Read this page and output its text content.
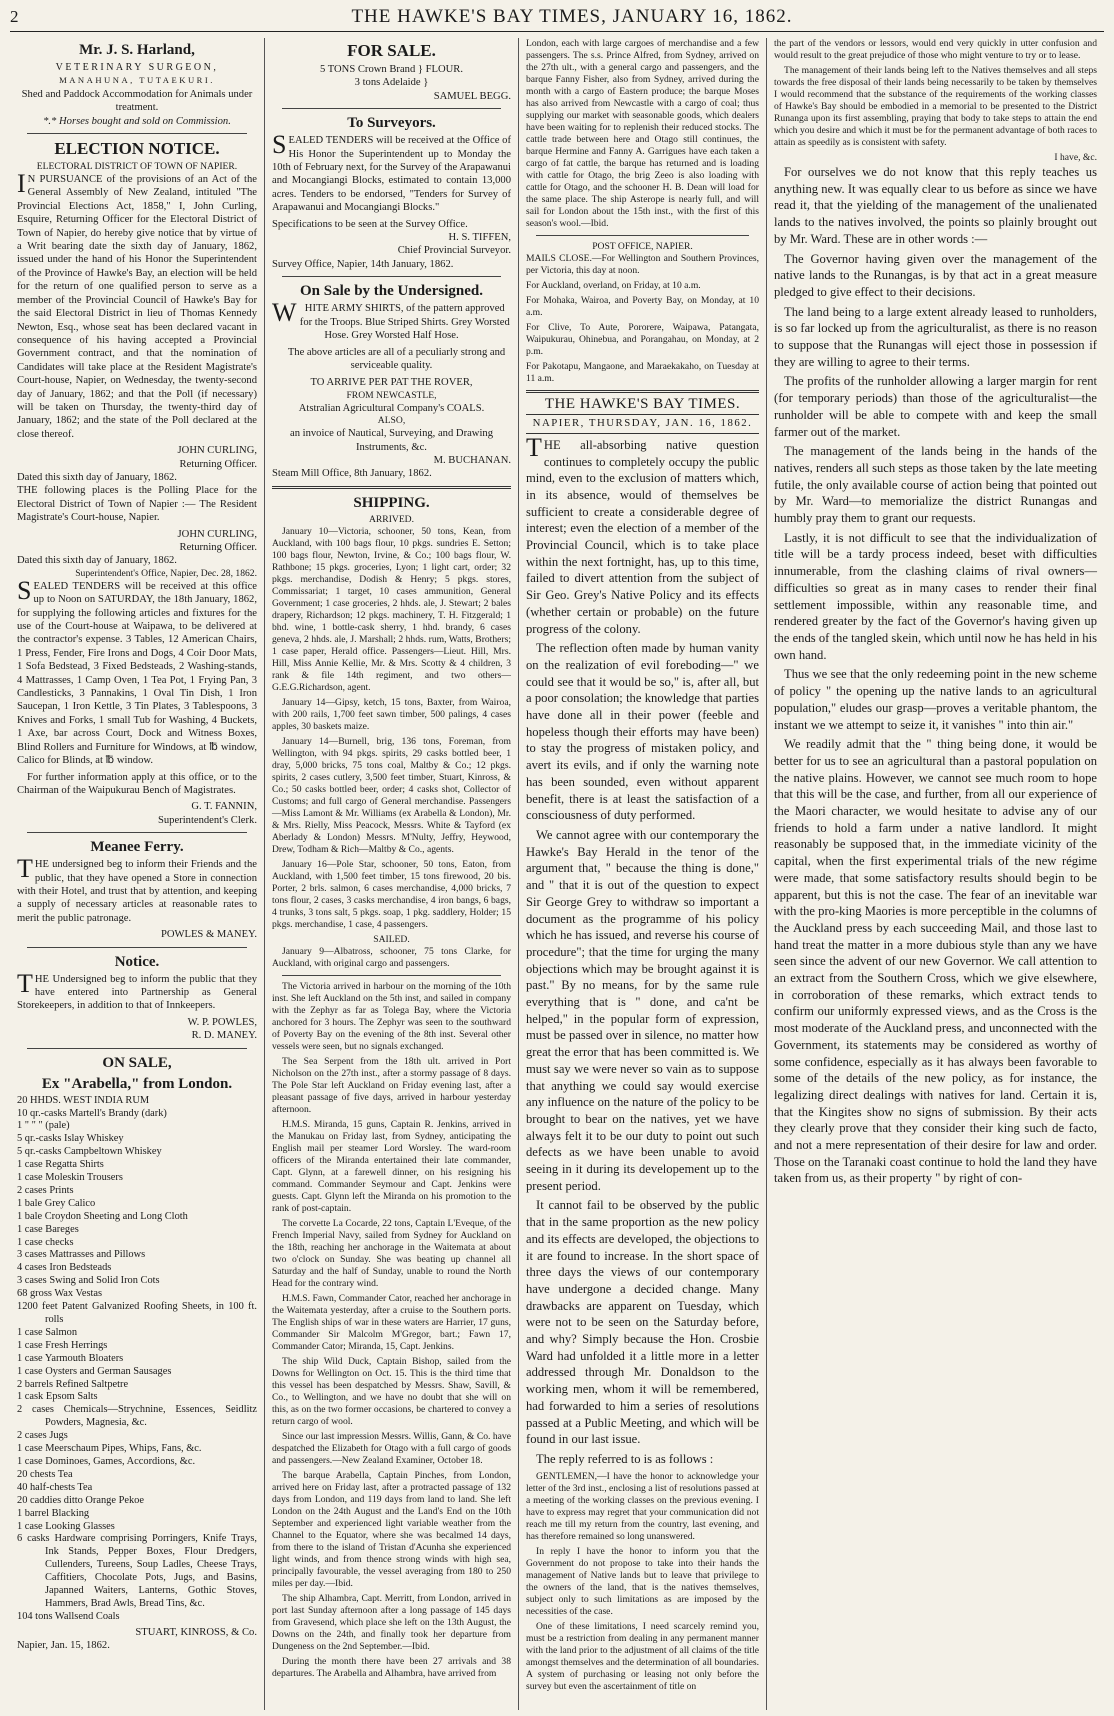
2	THE HAWKE'S BAY TIMES, JANUARY 16, 1862.
Mr. J. S. Harland,
VETERINARY SURGEON,
MANAHUNA, TUTAEKURI.
Shed and Paddock Accommodation for Animals under treatment.
*.* Horses bought and sold on Commission.
ELECTION NOTICE.
ELECTORAL DISTRICT OF TOWN OF NAPIER.

IN PURSUANCE of the provisions of an Act of the General Assembly of New Zealand, intituled "The Provincial Elections Act, 1858," I, John Curling, Esquire, Returning Officer for the Electoral District of Town of Napier, do hereby give notice that by virtue of a Writ bearing date the sixth day of January, 1862, issued under the hand of his Honor the Superintendent of the Province of Hawke's Bay, an election will be held for the return of one qualified person to serve as a member of the Provincial Council of Hawke's Bay for the said Electoral District in lieu of Thomas Kennedy Newton, Esq., whose seat has been declared vacant in consequence of his having accepted a Provincial Government contract, and that the nomination of Candidates will take place at the Resident Magistrate's Court-house, Napier, on Wednesday, the twenty-second day of January, 1862; and that the Poll (if necessary) will be taken on Thursday, the twenty-third day of January, 1862; and the state of the Poll declared at the close thereof.

JOHN CURLING,
Returning Officer.
Dated this sixth day of January, 1862.

THE following places is the Polling Place for the Electoral District of Town of Napier :— The Resident Magistrate's Court-house, Napier.

JOHN CURLING,
Returning Officer.
Dated this sixth day of January, 1862.
Superintendent's Office, Napier, Dec. 28, 1862.

SEALED TENDERS will be received at this office up to Noon on SATURDAY, the 18th January, 1862, for supplying the following articles and fixtures for the use of the Court-house at Waipawa, to be delivered at the contractor's expense. 3 Tables, 12 American Chairs, 1 Press, Fender, Fire Irons and Dogs, 4 Coir Door Mats, 1 Sofa Bedstead, 3 Fixed Bedsteads, 2 Washing-stands, 4 Mattrasses, 1 Camp Oven, 1 Tea Pot, 1 Frying Pan, 3 Candlesticks, 3 Pannakins, 1 Oval Tin Dish, 1 Iron Saucepan, 1 Iron Kettle, 3 Tin Plates, 3 Tablespoons, 3 Knives and Forks, 1 small Tub for Washing, 4 Buckets, 1 Axe, bar across Court, Dock and Witness Boxes, Blind Rollers and Furniture for Windows, at ℔ window, Calico for Blinds, at ℔ window.

For further information apply at this office, or to the Chairman of the Waipukurau Bench of Magistrates.

G. T. FANNIN,
Superintendent's Clerk.
Meanee Ferry.

THE undersigned beg to inform their Friends and the public, that they have opened a Store in connection with their Hotel, and trust that by attention, and keeping a supply of necessary articles at reasonable rates to merit the public patronage.

POWLES & MANEY.
Notice.

THE Undersigned beg to inform the public that they have entered into Partnership as General Storekeepers, in addition to that of Innkeepers.

W. P. POWLES,
R. D. MANEY.
ON SALE,
Ex "Arabella," from London.
20 HHDS. WEST INDIA RUM
10 qr.-casks Martell's Brandy (dark)
1 " " " (pale)
5 qr.-casks Islay Whiskey
5 qr.-casks Campbeltown Whiskey
1 case Regatta Shirts
1 case Moleskin Trousers
2 cases Prints
1 bale Grey Calico
1 bale Croydon Sheeting and Long Cloth
1 case Bareges
1 case checks
3 cases Mattrasses and Pillows
4 cases Iron Bedsteads
3 cases Swing and Solid Iron Cots
68 gross Wax Vestas
1200 feet Patent Galvanized Roofing Sheets, in 100 ft. rolls
1 case Salmon
1 case Fresh Herrings
1 case Yarmouth Bloaters
1 case Oysters and German Sausages
2 barrels Refined Saltpetre
1 cask Epsom Salts
2 cases Chemicals—Strychnine, Essences, Seidlitz Powders, Magnesia, &c.
2 cases Jugs
1 case Meerschaum Pipes, Whips, Fans, &c.
1 case Dominoes, Games, Accordions, &c.
20 chests Tea
40 half-chests Tea
20 caddies ditto Orange Pekoe
1 barrel Blacking
1 case Looking Glasses
6 casks Hardware comprising Porringers, Knife Trays, Ink Stands, Pepper Boxes, Flour Dredgers, Cullenders, Tureens, Soup Ladles, Cheese Trays, Caffitiers, Chocolate Pots, Jugs, and Basins, Japanned Waiters, Lanterns, Gothic Stoves, Hammers, Brad Awls, Bread Tins, &c.
104 tons Wallsend Coals
STUART, KINROSS, & Co.
Napier, Jan. 15, 1862.
FOR SALE.
5 TONS Crown Brand } FLOUR.
3 tons Adelaide }
SAMUEL BEGG.
To Surveyors.

SEALED TENDERS will be received at the Office of His Honor the Superintendent up to Monday the 10th of February next, for the Survey of the Arapawanui and Mocangiangi Blocks, estimated to contain 13,000 acres. Tenders to be endorsed, "Tenders for Survey of Arapawanui and Mocangiangi Blocks."

Specifications to be seen at the Survey Office.
H. S. TIFFEN,
Chief Provincial Surveyor.
Survey Office, Napier, 14th January, 1862.
On Sale by the Undersigned.

WHITE ARMY SHIRTS, of the pattern approved for the Troops. Blue Striped Shirts. Grey Worsted Hose. Grey Worsted Half Hose.

The above articles are all of a peculiarly strong and serviceable quality.

TO ARRIVE PER PAT THE ROVER,
FROM NEWCASTLE,
Atstralian Agricultural Company's COALS.
ALSO,
an invoice of Nautical, Surveying, and Drawing Instruments, &c.
M. BUCHANAN.
Steam Mill Office, 8th January, 1862.
SHIPPING.
ARRIVED.

January 10—Victoria, schooner, 50 tons, Kean, from Auckland, with 100 bags flour, 10 pkgs. sundries E. Setton; 100 bags flour, Newton, Irvine, & Co.; 100 bags flour, W. Rathbone; 15 pkgs. groceries, Lyon; 1 light cart, order; 32 pkgs. merchandise, Dodish & Henry; 5 pkgs. stores, Commissariat; 1 target, 10 cases ammunition, General Government; 1 case groceries, 2 hhds. ale, J. Stewart; 2 bales drapery, Richardson; 12 pkgs. machinery, T. H. Fitzgerald; 1 bhd. wine, 1 bottle-cask sherry, 1 hhd. brandy, 6 cases geneva, 2 hhds. ale, J. Marshall; 2 hhds. rum, Watts, Brothers; 1 case paper, Herald office. Passengers—Lieut. Hill, Mrs. Hill, Miss Annie Kellie, Mr. & Mrs. Scotty & 4 children, 3 rank & file 14th regiment, and two others—G.E.G.Richardson, agent.

January 14—Gipsy, ketch, 15 tons, Baxter, from Wairoa, with 200 rails, 1,700 feet sawn timber, 500 palings, 4 cases apples, 30 baskets maize.

January 14—Burnell, brig, 136 tons, Foreman, from Wellington, with 94 pkgs. spirits, 29 casks bottled beer, 1 dray, 5,000 bricks, 75 tons coal, Maltby & Co.; 12 pkgs. spirits, 2 cases cutlery, 3,500 feet timber, Stuart, Kinross, & Co.; 50 casks bottled beer, order; 4 casks shot, Collector of Customs; and full cargo of General merchandise. Passengers—Miss Lamont & Mr. Williams (ex Arabella & London), Mr. & Mrs. Rielly, Miss Peacock, Messrs. White & Tayford (ex Aberlady & London) Messrs. M'Nulty, Jeffry, Heywood, Drew, Todham & Rich—Maltby & Co., agents.

January 16—Pole Star, schooner, 50 tons, Eaton, from Auckland, with 1,500 feet timber, 15 tons firewood, 20 bis. Porter, 2 brls. salmon, 6 cases merchandise, 4,000 bricks, 7 tons flour, 2 cases, 3 casks merchandise, 4 iron bangs, 6 bags, 4 trunks, 3 tons salt, 5 pkgs. soap, 1 pkg. saddlery, Holder; 15 pkgs. merchandise, 1 case, 4 passengers.

SAILED.

January 9—Albatross, schooner, 75 tons Clarke, for Auckland, with original cargo and passengers.

The Victoria arrived in harbour on the morning of the 10th inst. She left Auckland on the 5th inst, and sailed in company with the Zephyr as far as Tolega Bay, where the Victoria anchored for 3 hours. The Zephyr was seen to the southward of Poverty Bay on the evening of the 8th inst. Several other vessels were seen, but no signals exchanged.

The Sea Serpent from the 18th ult. arrived in Port Nicholson on the 27th inst., after a stormy passage of 8 days. The Pole Star left Auckland on Friday evening last, after a pleasant passage of five days, arrived in harbour yesterday afternoon.

H.M.S. Miranda, 15 guns, Captain R. Jenkins, arrived in the Manukau on Friday last, from Sydney, anticipating the English mail per steamer Lord Worsley. The ward-room officers of the Miranda entertained their late commander, Capt. Glynn, at a farewell dinner, on his resigning his command. Commander Seymour and Capt. Jenkins were guests. Capt. Glynn left the Miranda on his promotion to the rank of post-captain.

The corvette La Cocarde, 22 tons, Captain L'Eveque, of the French Imperial Navy, sailed from Sydney for Auckland on the 18th, reaching her anchorage in the Waitemata at about two o'clock on Sunday. She was beating up channel all Saturday and the half of Sunday, unable to round the North Head for the contrary wind.

H.M.S. Fawn, Commander Cator, reached her anchorage in the Waitemata yesterday, after a cruise to the Southern ports. The English ships of war in these waters are Harrier, 17 guns, Commander Sir Malcolm M'Gregor, bart.; Fawn 17, Commander Cator; Miranda, 15, Capt. Jenkins.

The ship Wild Duck, Captain Bishop, sailed from the Downs for Wellington on Oct. 15. This is the third time that this vessel has been despatched by Messrs. Shaw, Savill, & Co., to Wellington, and we have no doubt that she will on this, as on the two former occasions, be chartered to convey a return cargo of wool.

Since our last impression Messrs. Willis, Gann, & Co. have despatched the Elizabeth for Otago with a full cargo of goods and passengers.—New Zealand Examiner, October 18.

The barque Arabella, Captain Pinches, from London, arrived here on Friday last, after a protracted passage of 132 days from London, and 119 days from land to land. She left London on the 24th August and the Land's End on the 10th September and experienced light variable weather from the Channel to the Equator, where she was becalmed 14 days, from there to the island of Tristan d'Acunha she experienced light winds, and from thence strong winds with high sea, principally favourable, the vessel averaging from 180 to 250 miles per day.—Ibid.

The ship Alhambra, Capt. Merritt, from London, arrived in port last Sunday afternoon after a long passage of 145 days from Gravesend, which place she left on the 13th August, the Downs on the 24th, and finally took her departure from Dungeness on the 2nd September.—Ibid.

During the month there have been 27 arrivals and 38 departures. The Arabella and Alhambra, have arrived from

London, each with large cargoes of merchandise and a few passengers. The s.s. Prince Alfred, from Sydney, arrived on the 27th ult., with a general cargo and passengers, and the barque Fanny Fisher, also from Sydney, arrived during the month with a cargo of Eastern produce; the barque Moses has also arrived from Newcastle with a cargo of coal; thus supplying our market with seasonable goods, which dealers have been waiting for to replenish their reduced stocks. The cattle trade between here and Otago still continues, the barque Hermine and Fanny A. Garrigues have each taken a cargo of fat cattle, the barque has returned and is loading with cattle for Otago, the brig Zeeo is also loading with cattle for Otago, and the schooner H. B. Dean will load for the same place. The ship Asterope is nearly full, and will sail for London about the 15th inst., with the first of this season's wool.—Ibid.

POST OFFICE, NAPIER.

MAILS CLOSE.—For Wellington and Southern Provinces, per Victoria, this day at noon.

For Auckland, overland, on Friday, at 10 a.m.

For Mohaka, Wairoa, and Poverty Bay, on Monday, at 10 a.m.

For Clive, To Aute, Pororere, Waipawa, Patangata, Waipukurau, Ohinebua, and Porangahau, on Monday, at 2 p.m.

For Pakotapu, Mangaone, and Maraekakaho, on Tuesday at 11 a.m.

THE HAWKE'S BAY TIMES.
NAPIER, THURSDAY, JAN. 16, 1862.

THE all-absorbing native question continues to completely occupy the public mind, even to the exclusion of matters which, in its absence, would of themselves be sufficient to create a considerable degree of interest; even the election of a member of the Provincial Council, which is to take place within the next fortnight, has, up to this time, failed to divert attention from the subject of Sir Geo. Grey's Native Policy and its effects (whether certain or probable) on the future progress of the colony.

The reflection often made by human vanity on the realization of evil foreboding—" we could see that it would be so," is, after all, but a poor consolation; the knowledge that parties have done all in their power (feeble and hopeless though their efforts may have been) to stay the progress of mistaken policy, and avert its evils, and if only the warning note has been sounded, even without apparent benefit, there is at least the satisfaction of a consciousness of duty performed.

We cannot agree with our contemporary the Hawke's Bay Herald in the tenor of the argument that, " because the thing is done," and " that it is out of the question to expect Sir George Grey to withdraw so important a document as the programme of his policy which he has issued, and reverse his course of procedure"; that the time for urging the many objections which may be brought against it is past." By no means, for by the same rule everything that is " done, and ca'nt be helped," in the popular form of expression, must be passed over in silence, no matter how great the error that has been committed is. We must say we were never so vain as to suppose that anything we could say would exercise any influence on the nature of the policy to be brought to bear on the natives, yet we have always felt it to be our duty to point out such defects as we have been unable to avoid seeing in it during its developement up to the present period.

It cannot fail to be observed by the public that in the same proportion as the new policy and its effects are developed, the objections to it are found to increase. In the short space of three days the views of our contemporary have undergone a decided change. Many drawbacks are apparent on Tuesday, which were not to be seen on the Saturday before, and why? Simply because the Hon. Crosbie Ward had unfolded it a little more in a letter addressed through Mr. Donaldson to the working men, whom it will be remembered, had forwarded to him a series of resolutions passed at a Public Meeting, and which will be found in our last issue.

The reply referred to is as follows :

GENTLEMEN,—I have the honor to acknowledge your letter of the 3rd inst., enclosing a list of resolutions passed at a meeting of the working classes on the previous evening. I have to express may regret that your communication did not reach me till my return from the country, last evening, and has therefore remained so long unanswered.

In reply I have the honor to inform you that the Government do not propose to take into their hands the management of Native lands but to leave that privilege to the owners of the land, that is the natives themselves, subject only to such limitations as are imposed by the necessities of the case.

One of these limitations, I need scarcely remind you, must be a restriction from dealing in any permanent manner with the land prior to the adjustment of all claims of the title amongst themselves and the determination of all boundaries. A system of purchasing or leasing not only before the survey but even the ascertainment of title on

the part of the vendors or lessors, would end very quickly in utter confusion and would result to the great prejudice of those who might venture to try or to lease.

The management of their lands being left to the Natives themselves and all steps towards the free disposal of their lands being necessarily to be taken by themselves I would recommend that the substance of the requirements of the working classes of Hawke's Bay should be embodied in a memorial to be presented to the District Runanga upon its first assembling, praying that body to take steps to attain the end which you desire and which it must be for the permanent advantage of both races to attain as speedily as is consistent with safety.

I have, &c.

For ourselves we do not know that this reply teaches us anything new. It was equally clear to us before as since we have read it, that the yielding of the management of the unalienated lands to the natives involved, the points so plainly brought out by Mr. Ward. These are in other words :—

The Governor having given over the management of the native lands to the Runangas, is by that act in a great measure pledged to give effect to their decisions.

The land being to a large extent already leased to runholders, is so far locked up from the agriculturalist, as there is no reason to suppose that the Runangas will eject those in possession if they are willing to agree to their terms.

The profits of the runholder allowing a larger margin for rent (for temporary periods) than those of the agriculturalist—the runholder will be able to compete with and keep the small farmer out of the market.

The management of the lands being in the hands of the natives, renders all such steps as those taken by the late meeting futile, the only available course of action being that pointed out by Mr. Ward—to memorialize the district Runangas and humbly pray them to grant our requests.

Lastly, it is not difficult to see that the individualization of title will be a tardy process indeed, beset with difficulties innumerable, from the clashing claims of rival owners—difficulties so great as in many cases to render their final settlement impossible, within any reasonable time, and rendered greater by the fact of the Governor's having given up the ends of the tangled skein, which until now he has held in his own hand.

Thus we see that the only redeeming point in the new scheme of policy " the opening up the native lands to an agricultural population," eludes our grasp—proves a veritable phantom, the instant we we attempt to seize it, it vanishes " into thin air."

We readily admit that the " thing being done, it would be better for us to see an agricultural than a pastoral population on the native plains. However, we cannot see much room to hope that this will be the case, and further, from all our experience of the Maori character, we would hesitate to advise any of our friends to hold a farm under a native landlord. It might reasonably be supposed that, in the immediate vicinity of the capital, when the first experimental trials of the new régime were made, that some satisfactory results should begin to be apparent, but this is not the case. The fear of an inevitable war with the pro-king Maories is more perceptible in the columns of the Auckland press by each succeeding Mail, and those last to hand treat the matter in a more dubious style than any we have seen since the advent of our new Governor. We call attention to an extract from the Southern Cross, which we give elsewhere, in corroboration of these remarks, which extract tends to confirm our uniformly expressed views, and as the Cross is the most moderate of the Auckland press, and unconnected with the Government, its statements may be considered as worthy of some confidence, especially as it has always been favorable to some of the details of the new policy, as for instance, the legalizing direct dealings with natives for land. Certain it is, that the Kingites show no signs of submission. By their acts they clearly prove that they consider their king such de facto, and not a mere representation of their desire for law and order. Those on the Taranaki coast continue to hold the land they have taken from us, as their property " by right of con-
